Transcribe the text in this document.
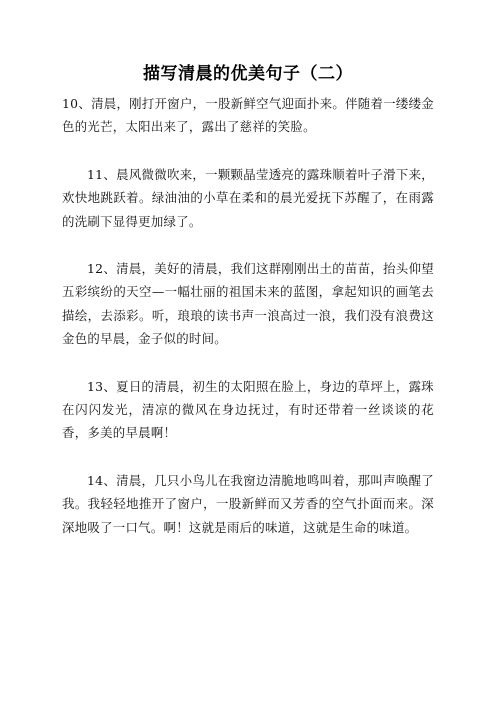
描写清晨的优美句子（二）

10、清晨，刚打开窗户，一股新鲜空气迎面扑来。伴随着一缕缕金色的光芒，太阳出来了，露出了慈祥的笑脸。

11、晨风微微吹来，一颗颗晶莹透亮的露珠顺着叶子滑下来，欢快地跳跃着。绿油油的小草在柔和的晨光爱抚下苏醒了，在雨露的洗刷下显得更加绿了。

12、清晨，美好的清晨，我们这群刚刚出土的苗苗，抬头仰望五彩缤纷的天空—一幅壮丽的祖国未来的蓝图，拿起知识的画笔去描绘，去添彩。听，琅琅的读书声一浪高过一浪，我们没有浪费这金色的早晨，金子似的时间。

13、夏日的清晨，初生的太阳照在脸上，身边的草坪上，露珠在闪闪发光，清凉的微风在身边抚过，有时还带着一丝谈谈的花香，多美的早晨啊！

14、清晨，几只小鸟儿在我窗边清脆地鸣叫着，那叫声唤醒了我。我轻轻地推开了窗户，一股新鲜而又芳香的空气扑面而来。深深地吸了一口气。啊！这就是雨后的味道，这就是生命的味道。
